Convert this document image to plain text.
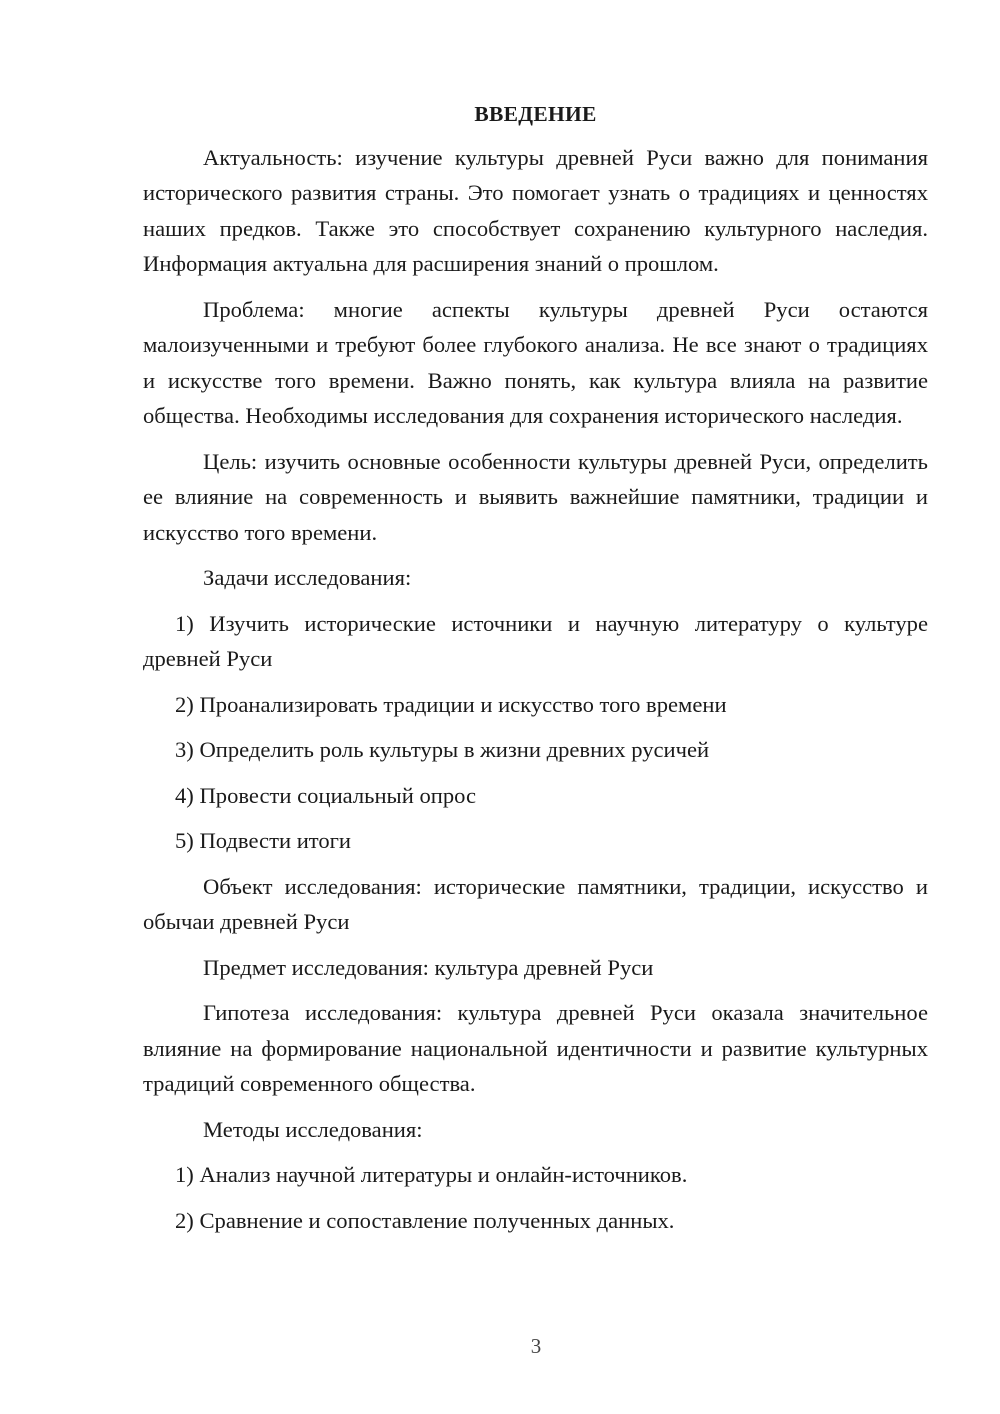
ВВЕДЕНИЕ
Актуальность: изучение культуры древней Руси важно для понимания исторического развития страны. Это помогает узнать о традициях и ценностях наших предков. Также это способствует сохранению культурного наследия. Информация актуальна для расширения знаний о прошлом.
Проблема: многие аспекты культуры древней Руси остаются малоизученными и требуют более глубокого анализа. Не все знают о традициях и искусстве того времени. Важно понять, как культура влияла на развитие общества. Необходимы исследования для сохранения исторического наследия.
Цель: изучить основные особенности культуры древней Руси, определить ее влияние на современность и выявить важнейшие памятники, традиции и искусство того времени.
Задачи исследования:
1) Изучить исторические источники и научную литературу о культуре древней Руси
2) Проанализировать традиции и искусство того времени
3) Определить роль культуры в жизни древних русичей
4) Провести социальный опрос
5) Подвести итоги
Объект исследования: исторические памятники, традиции, искусство и обычаи древней Руси
Предмет исследования: культура древней Руси
Гипотеза исследования: культура древней Руси оказала значительное влияние на формирование национальной идентичности и развитие культурных традиций современного общества.
Методы исследования:
1) Анализ научной литературы и онлайн-источников.
2) Сравнение и сопоставление полученных данных.
3
